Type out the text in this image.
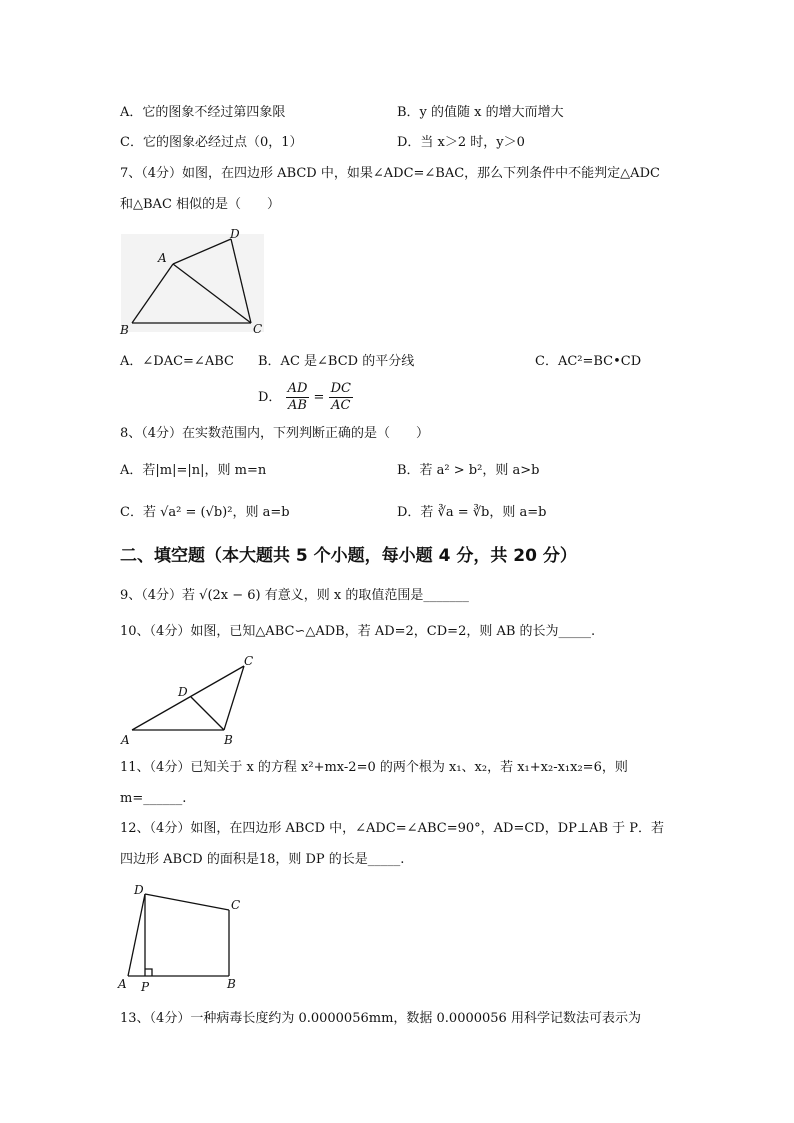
A．它的图象不经过第四象限	B．y 的值随 x 的增大而增大
C．它的图象必经过点（0，1）	D．当 x＞2 时，y＞0
7、（4分）如图，在四边形 ABCD 中，如果∠ADC=∠BAC，那么下列条件中不能判定△ADC
和△BAC 相似的是（　　）
A
B	C
D
A．∠DAC=∠ABC B．AC 是∠BCD 的平分线	C．AC²=BC•CD
D． $\frac{AD}{AB} = \frac{DC}{AC}$
8、（4分）在实数范围内，下列判断正确的是（　　）
A．若|m|=|n|，则 m=n	B．若 a² > b²，则 a>b
C．若 √a² = (√b)²，则 a=b	D．若 ∛a = ∛b，则 a=b
二、填空题（本大题共 5 个小题，每小题 4 分，共 20 分）
9、（4分）若 √(2x − 6) 有意义，则 x 的取值范围是_______
10、（4分）如图，已知△ABC∽△ADB，若 AD=2，CD=2，则 AB 的长为_____.
A	B
C
D
11、（4分）已知关于 x 的方程 x²+mx-2=0 的两个根为 x₁、x₂，若 x₁+x₂-x₁x₂=6，则
m=______.
12、（4分）如图，在四边形 ABCD 中，∠ADC=∠ABC=90°，AD=CD，DP⊥AB 于 P．若
四边形 ABCD 的面积是18，则 DP 的长是_____.
A P	B
C
D
13、（4分）一种病毒长度约为 0.0000056mm，数据 0.0000056 用科学记数法可表示为
